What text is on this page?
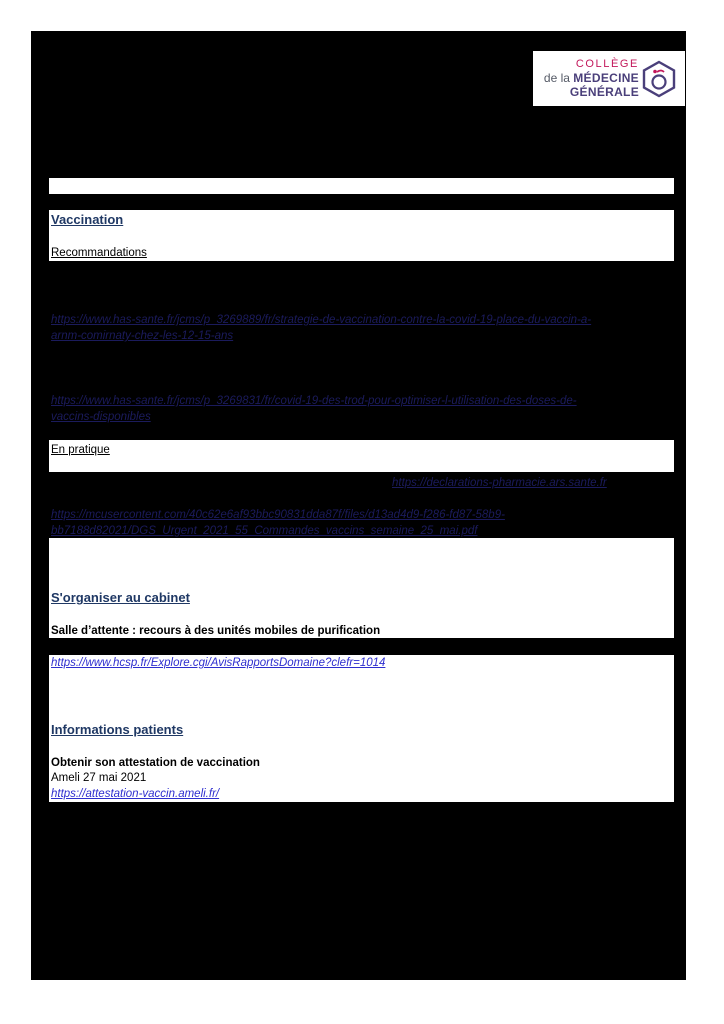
COLLÈGE
de la MÉDECINE
GÉNÉRALE
Vaccination
Recommandations
https://www.has-sante.fr/jcms/p_3269889/fr/strategie-de-vaccination-contre-la-covid-19-place-du-vaccin-a-
arnm-comirnaty-chez-les-12-15-ans
https://www.has-sante.fr/jcms/p_3269831/fr/covid-19-des-trod-pour-optimiser-l-utilisation-des-doses-de-
vaccins-disponibles
En pratique
https://declarations-pharmacie.ars.sante.fr
https://mcusercontent.com/40c62e6af93bbc90831dda87f/files/d13ad4d9-f286-fd87-58b9-
bb7188d82021/DGS_Urgent_2021_55_Commandes_vaccins_semaine_25_mai.pdf
S'organiser au cabinet
Salle d’attente : recours à des unités mobiles de purification
https://www.hcsp.fr/Explore.cgi/AvisRapportsDomaine?clefr=1014
Informations patients
Obtenir son attestation de vaccination
Ameli 27 mai 2021
https://attestation-vaccin.ameli.fr/
